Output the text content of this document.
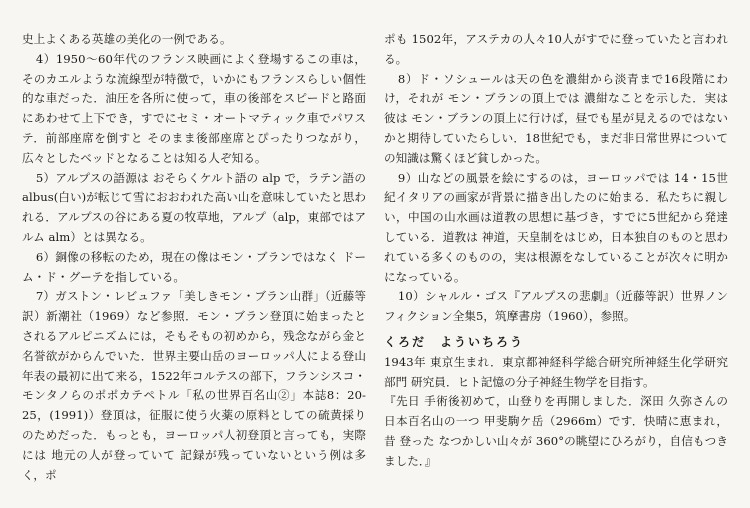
史上よくある英雄の美化の一例である。

4）1950～60年代のフランス映画によく登場するこの車は，そのカエルような流線型が特徴で，いかにもフランスらしい個性的な車だった．油圧を各所に使って，車の後部をスピードと路面にあわせて上下でき，すでにセミ・オートマティック車でパワステ．前部座席を倒すと そのまま後部座席とぴったりつながり，広々としたベッドとなることは知る人ぞ知る。

5）アルプスの語源は おそらくケルト語の alp で，ラテン語の albus(白い)が転じて雪におおわれた高い山を意味していたと思われる．アルプスの谷にある夏の牧草地，アルプ（alp，東部ではアルム alm）とは異なる。

6）銅像の移転のため，現在の像はモン・ブランではなく ドーム・ド・グーテを指している。

7）ガストン・レビュファ「美しきモン・ブラン山群」（近藤等訳）新潮社（1969）など参照．モン・ブラン登頂に始まったとされるアルピニズムには，そもそもの初めから，残念ながら金と名誉欲がからんでいた．世界主要山岳のヨーロッパ人による登山年表の最初に出て来る，1522年コルテスの部下，フランシスコ・モンタノらのポポカテペトル「私の世界百名山②」本誌8：20-25，(1991)）登頂は，征服に使う火薬の原料としての硫黄採りのためだった．もっとも，ヨーロッパ人初登頂と言っても，実際には 地元の人が登っていて 記録が残っていないという例は多く，ポ

ポも 1502年，アステカの人々10人がすでに登っていたと言われる。

8）ド・ソシュールは天の色を濃紺から淡青まで16段階にわけ，それが モン・ブランの頂上では 濃紺なことを示した．実は 彼は モン・ブランの頂上に行けば，昼でも星が見えるのではないかと期待していたらしい．18世紀でも，まだ非日常世界についての知識は驚くほど貧しかった。

9）山などの風景を絵にするのは，ヨーロッパでは 14・15世紀イタリアの画家が背景に描き出したのに始まる．私たちに親しい，中国の山水画は道教の思想に基づき，すでに5世紀から発達している．道教は 神道，天皇制をはじめ，日本独自のものと思われている多くのものの，実は根源をなしていることが次々に明かになっている。

10）シャルル・ゴス『アルプスの悲劇』（近藤等訳）世界ノンフィクション全集5，筑摩書房（1960），参照。

くろだ　よういちろう

1943年 東京生まれ．東京都神経科学総合研究所神経生化学研究部門 研究員．ヒト記憶の分子神経生物学を目指す。

『先日 手術後初めて，山登りを再開しました．深田 久弥さんの日本百名山の一つ 甲斐駒ケ岳（2966m）です．快晴に恵まれ，昔 登った なつかしい山々が 360°の眺望にひろがり，自信もつきました．』
